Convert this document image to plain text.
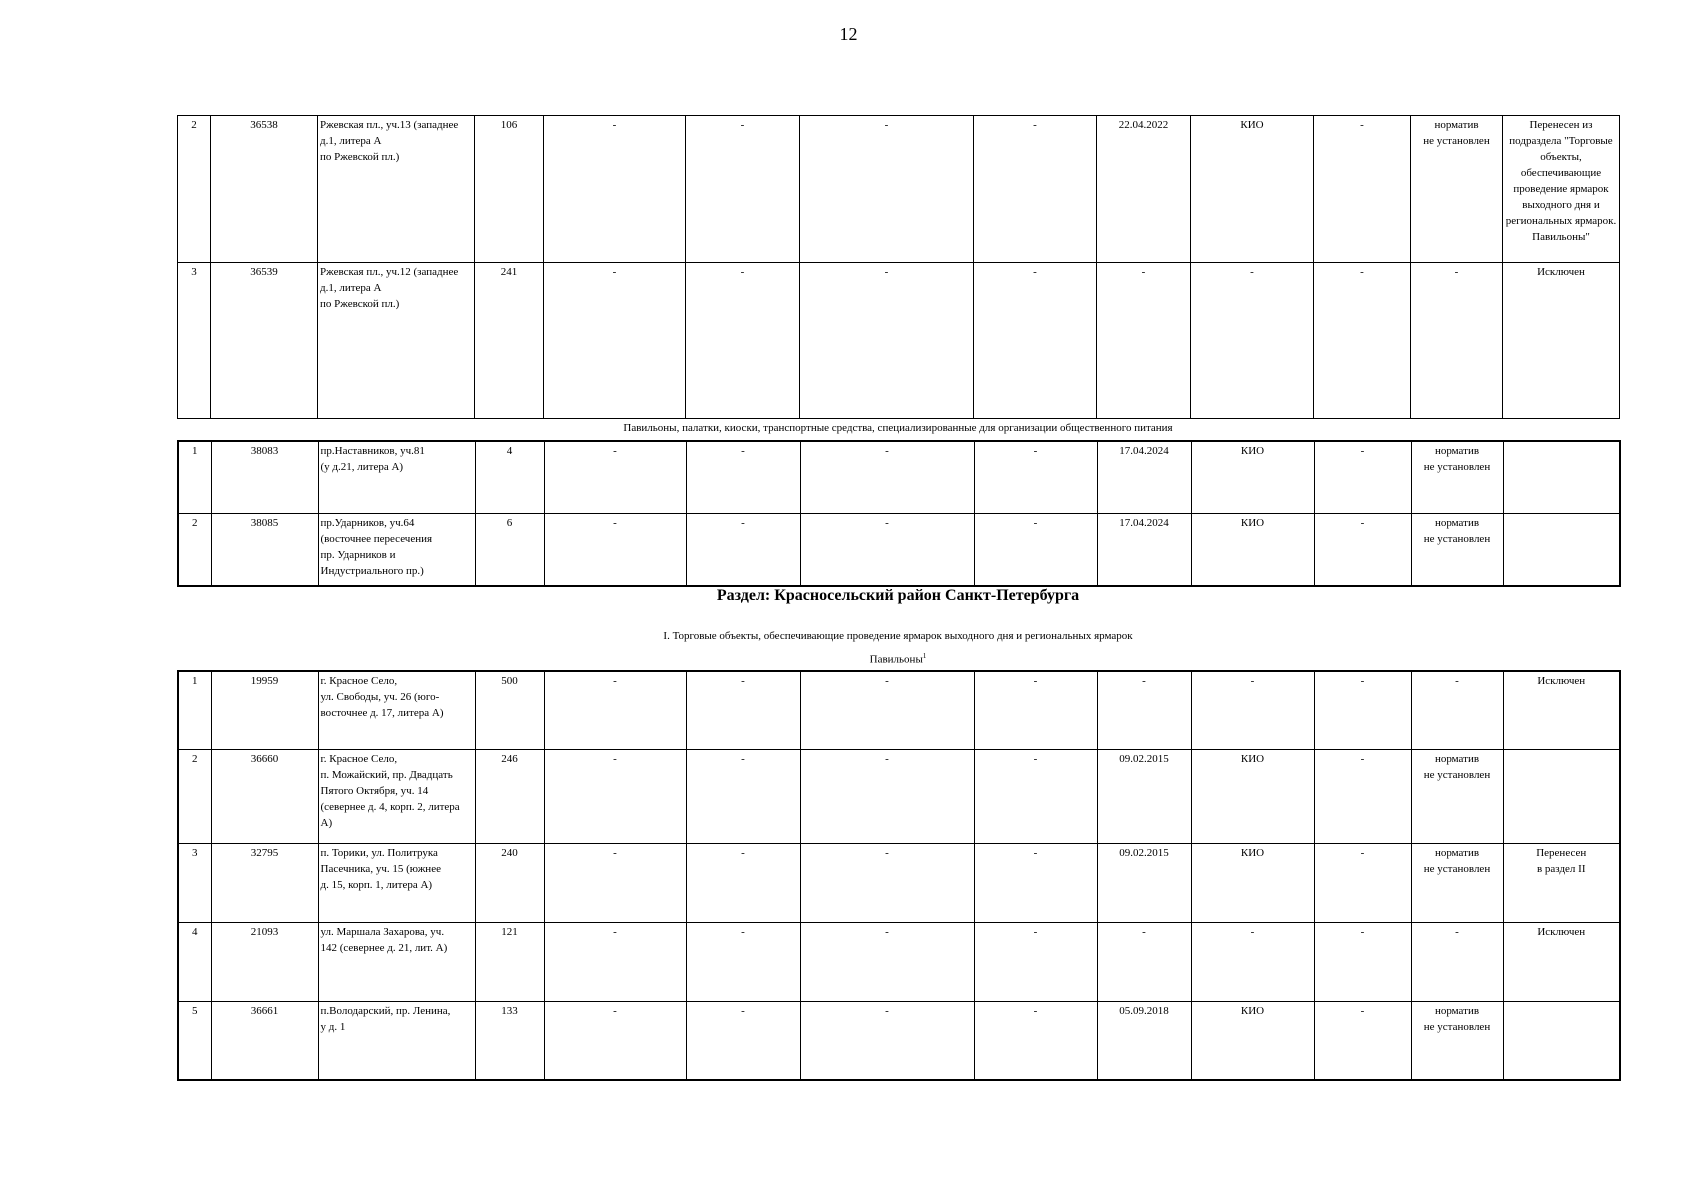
12
2	36538	Ржевская пл., уч.13 (западнее д.1, литера А
по Ржевской пл.)	106	-	-	-	-	22.04.2022	КИО	-	норматив
не установлен	Перенесен из подраздела "Торговые объекты, обеспечивающие проведение ярмарок выходного дня и региональных ярмарок. Павильоны"
3	36539	Ржевская пл., уч.12 (западнее д.1, литера А
по Ржевской пл.)	241	-	-	-	-	-	-	-	-	Исключен
Павильоны, палатки, киоски, транспортные средства, специализированные для организации общественного питания
1	38083	пр.Наставников, уч.81
(у д.21, литера А)	4	-	-	-	-	17.04.2024	КИО	-	норматив
не установлен	
2	38085	пр.Ударников, уч.64
(восточнее пересечения
пр. Ударников и
Индустриального пр.)	6	-	-	-	-	17.04.2024	КИО	-	норматив
не установлен	
Раздел: Красносельский район Санкт-Петербурга
I. Торговые объекты, обеспечивающие проведение ярмарок выходного дня и региональных ярмарок
Павильоны$^1$
1	19959	г. Красное Село,
ул. Свободы, уч. 26 (юго-
восточнее д. 17, литера А)	500	-	-	-	-	-	-	-	-	Исключен
2	36660	г. Красное Село,
п. Можайский, пр. Двадцать
Пятого Октября, уч. 14
(севернее д. 4, корп. 2, литера
А)	246	-	-	-	-	09.02.2015	КИО	-	норматив
не установлен	
3	32795	п. Торики, ул. Политрука
Пасечника, уч. 15 (южнее
д. 15, корп. 1, литера А)	240	-	-	-	-	09.02.2015	КИО	-	норматив
не установлен	Перенесен
в раздел II
4	21093	ул. Маршала Захарова, уч.
142 (севернее д. 21, лит. А)	121	-	-	-	-	-	-	-	-	Исключен
5	36661	п.Володарский, пр. Ленина,
у д. 1	133	-	-	-	-	05.09.2018	КИО	-	норматив
не установлен	
